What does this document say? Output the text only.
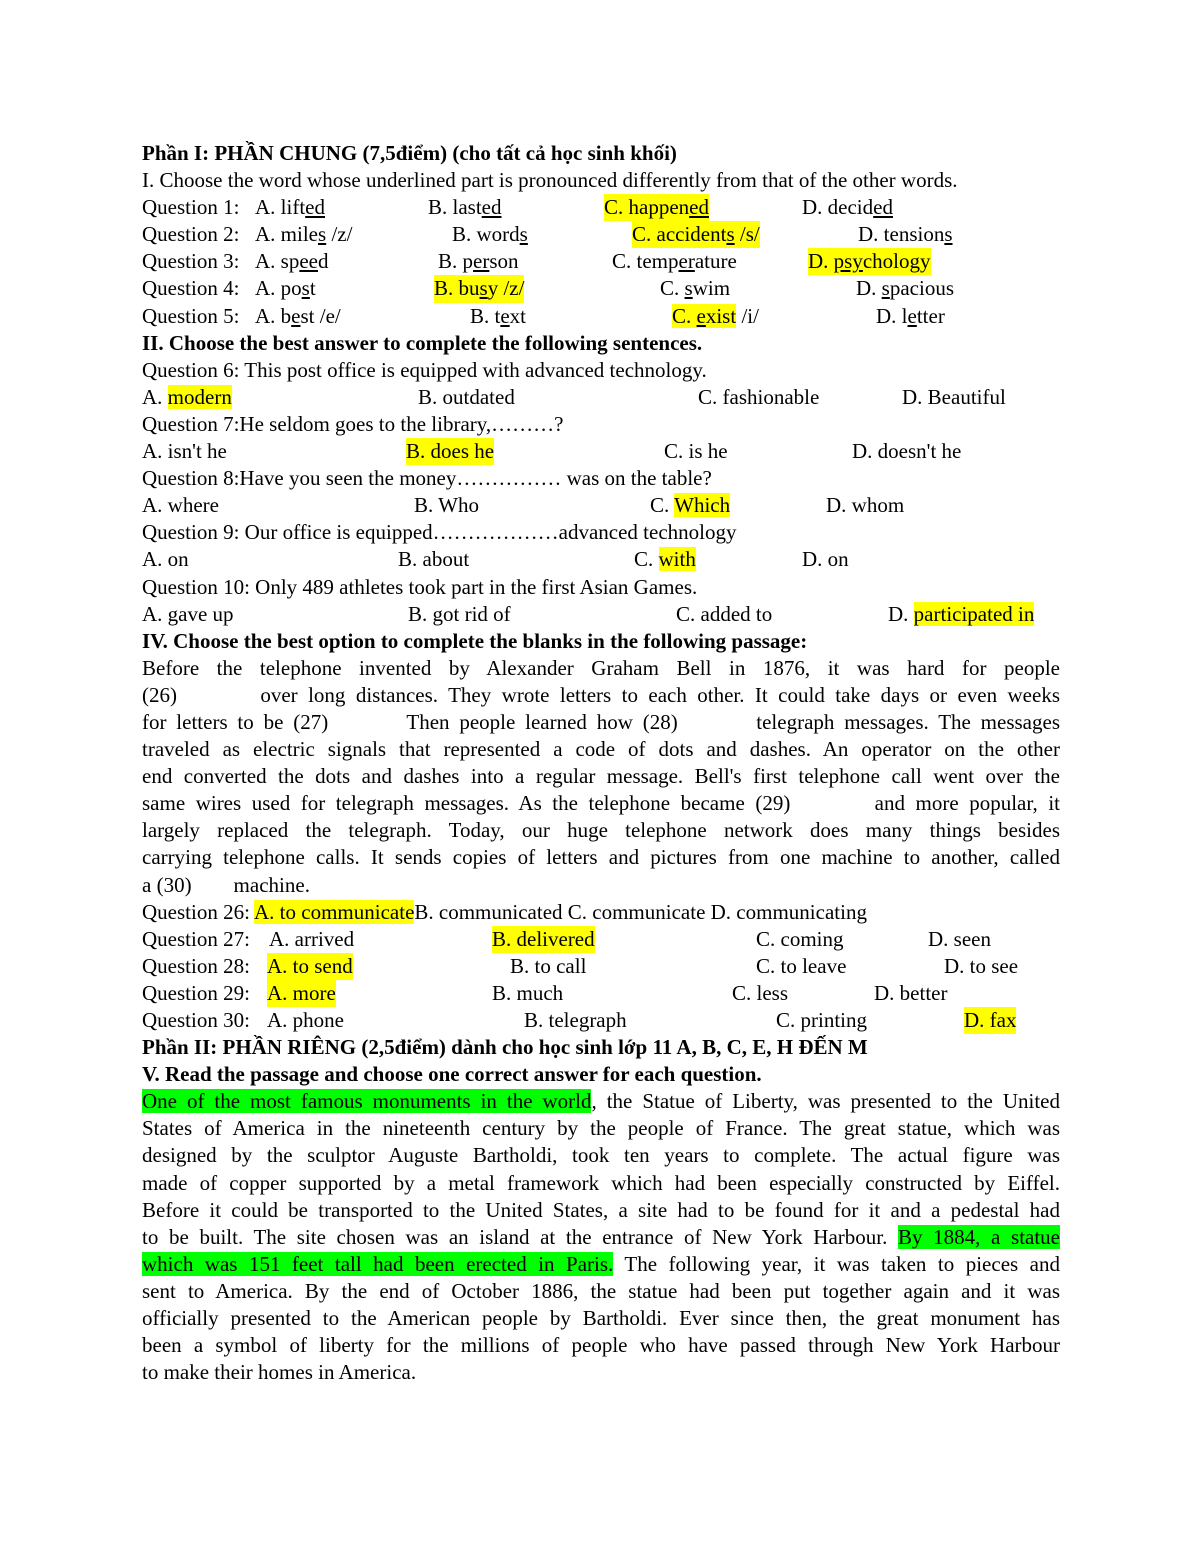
Phần I: PHẦN CHUNG (7,5điểm) (cho tất cả học sinh khối)
I. Choose the word whose underlined part is pronounced differently from that of the other words.
Question 1: A. lifted	B. lasted	C. happened	D. decided
Question 2: A. miles /z/	B. words	C. accidents /s/	D. tensions
Question 3: A. speed	B. person	C. temperature	D. psychology
Question 4: A. post	B. busy /z/	C. swim	D. spacious
Question 5: A. best /e/	B. text	C. exist /i/	D. letter
II. Choose the best answer to complete the following sentences.
Question 6: This post office is equipped with advanced technology.
A. modern	B. outdated	C. fashionable	D. Beautiful
Question 7:He seldom goes to the library,………?
A. isn't he	B. does he	C. is he	D. doesn't he
Question 8:Have you seen the money…………… was on the table?
A. where	B. Who	C. Which	D. whom
Question 9: Our office is equipped………………advanced technology
A. on	B. about	C. with	D. on
Question 10: Only 489 athletes took part in the first Asian Games.
A. gave up	B. got rid of	C. added to	D. participated in
IV. Choose the best option to complete the blanks in the following passage:
Before the telephone invented by Alexander Graham Bell in 1876, it was hard for people
(26)        over long distances. They wrote letters to each other. It could take days or even weeks
for letters to be (27)        Then people learned how (28)        telegraph messages. The messages
traveled as electric signals that represented a code of dots and dashes. An operator on the other
end converted the dots and dashes into a regular message. Bell's first telephone call went over the
same wires used for telegraph messages. As the telephone became (29)        and more popular, it
largely replaced the telegraph. Today, our huge telephone network does many things besides
carrying telephone calls. It sends copies of letters and pictures from one machine to another, called
a (30)        machine.
Question 26: A. to communicateB. communicated C. communicate D. communicating
Question 27: A. arrived	B. delivered	C. coming	D. seen
Question 28: A. to send	B. to call	C. to leave	D. to see
Question 29: A. more	B. much	C. less	D. better
Question 30: A. phone	B. telegraph	C. printing	D. fax
Phần II: PHẦN RIÊNG (2,5điểm) dành cho học sinh lớp 11 A, B, C, E, H ĐẾN M
V. Read the passage and choose one correct answer for each question.
One of the most famous monuments in the world, the Statue of Liberty, was presented to the United
States of America in the nineteenth century by the people of France. The great statue, which was
designed by the sculptor Auguste Bartholdi, took ten years to complete. The actual figure was
made of copper supported by a metal framework which had been especially constructed by Eiffel.
Before it could be transported to the United States, a site had to be found for it and a pedestal had
to be built. The site chosen was an island at the entrance of New York Harbour. By 1884, a statue
which was 151 feet tall had been erected in Paris. The following year, it was taken to pieces and
sent to America. By the end of October 1886, the statue had been put together again and it was
officially presented to the American people by Bartholdi. Ever since then, the great monument has
been a symbol of liberty for the millions of people who have passed through New York Harbour
to make their homes in America.
